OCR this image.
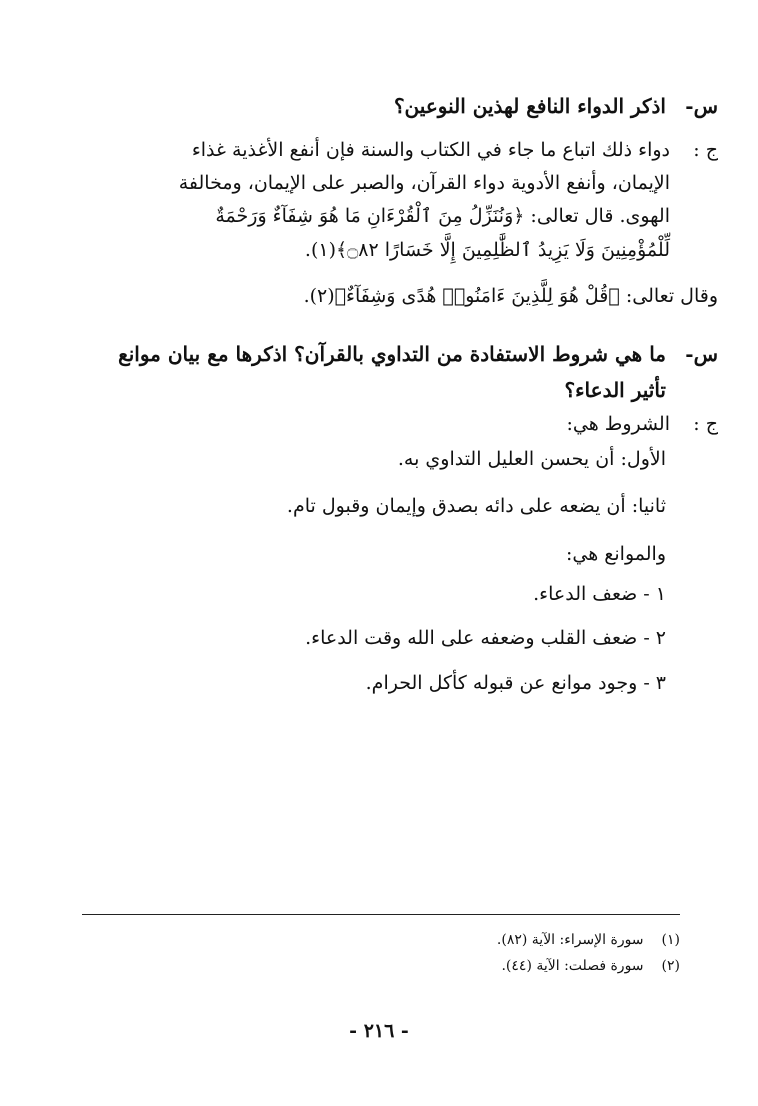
س-
اذكر الدواء النافع لهذين النوعين؟
ج :
دواء ذلك اتباع ما جاء في الكتاب والسنة فإن أنفع الأغذية غذاء
الإيمان، وأنفع الأدوية دواء القرآن، والصبر على الإيمان، ومخالفة
الهوى. قال تعالى: ﴿وَنُنَزِّلُ مِنَ ٱلْقُرْءَانِ مَا هُوَ شِفَآءٌ وَرَحْمَةٌ
لِّلْمُؤْمِنِينَ وَلَا يَزِيدُ ٱلظَّٰلِمِينَ إِلَّا خَسَارًا ۝٨٢﴾(١).
وقال تعالى: ﴿قُلْ هُوَ لِلَّذِينَ ءَامَنُوا۟ هُدًى وَشِفَآءٌ﴾(٢).
س-
ما هي شروط الاستفادة من التداوي بالقرآن؟ اذكرها مع بيان موانع
تأثير الدعاء؟
ج :
الشروط هي:
الأول: أن يحسن العليل التداوي به.
ثانيا: أن يضعه على دائه بصدق وإيمان وقبول تام.
والموانع هي:
١ - ضعف الدعاء.
٢ - ضعف القلب وضعفه على الله وقت الدعاء.
٣ - وجود موانع عن قبوله كأكل الحرام.
(١) سورة الإسراء: الآية (٨٢).
(٢) سورة فصلت: الآية (٤٤).
- ٢١٦ -
